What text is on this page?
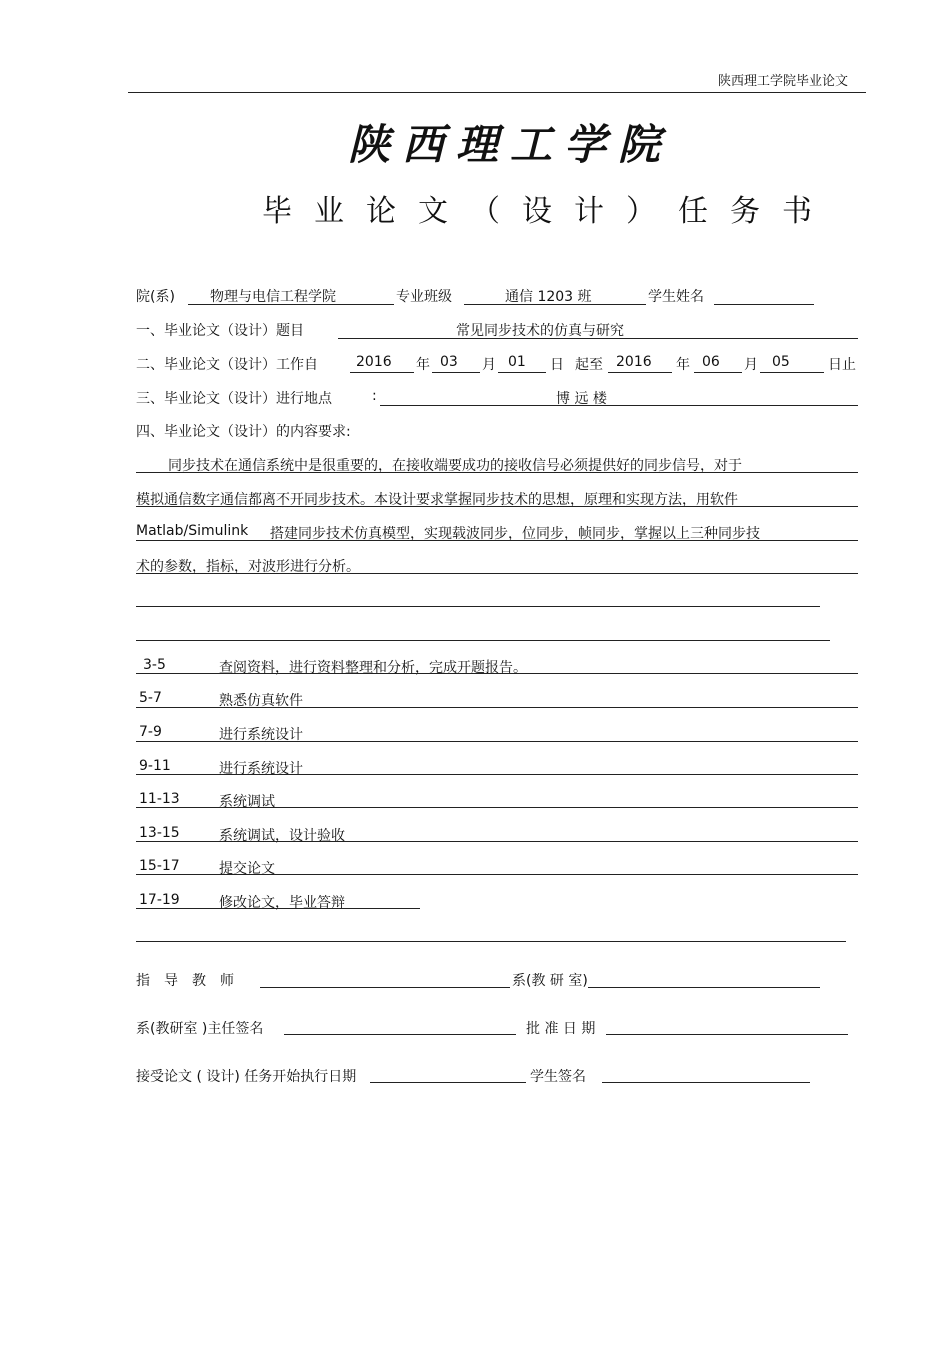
陕西理工学院毕业论文
陕西理工学院
毕业论文（设计）任务书
院(系)	物理与电信工程学院	专业班级	通信 1203 班	学生姓名
一、毕业论文（设计）题目	常见同步技术的仿真与研究
二、毕业论文（设计）工作自	2016 年 03 月 01 日 起至 2016 年 06 月 05	日止
三、毕业论文（设计）进行地点	:	博 远 楼
四、毕业论文（设计）的内容要求:
同步技术在通信系统中是很重要的，在接收端要成功的接收信号必须提供好的同步信号，对于
模拟通信数字通信都离不开同步技术。本设计要求掌握同步技术的思想，原理和实现方法，用软件
Matlab/Simulink 搭建同步技术仿真模型，实现载波同步，位同步，帧同步，掌握以上三种同步技
术的参数，指标，对波形进行分析。
3-5	查阅资料，进行资料整理和分析，完成开题报告。
5-7	熟悉仿真软件
7-9	进行系统设计
9-11	进行系统设计
11-13	系统调试
13-15	系统调试，设计验收
15-17	提交论文
17-19	修改论文，毕业答辩
指　导　教　师	系(教 研 室)
系(教研室 )主任签名	批 准 日 期
接受论文 ( 设计) 任务开始执行日期	学生签名
